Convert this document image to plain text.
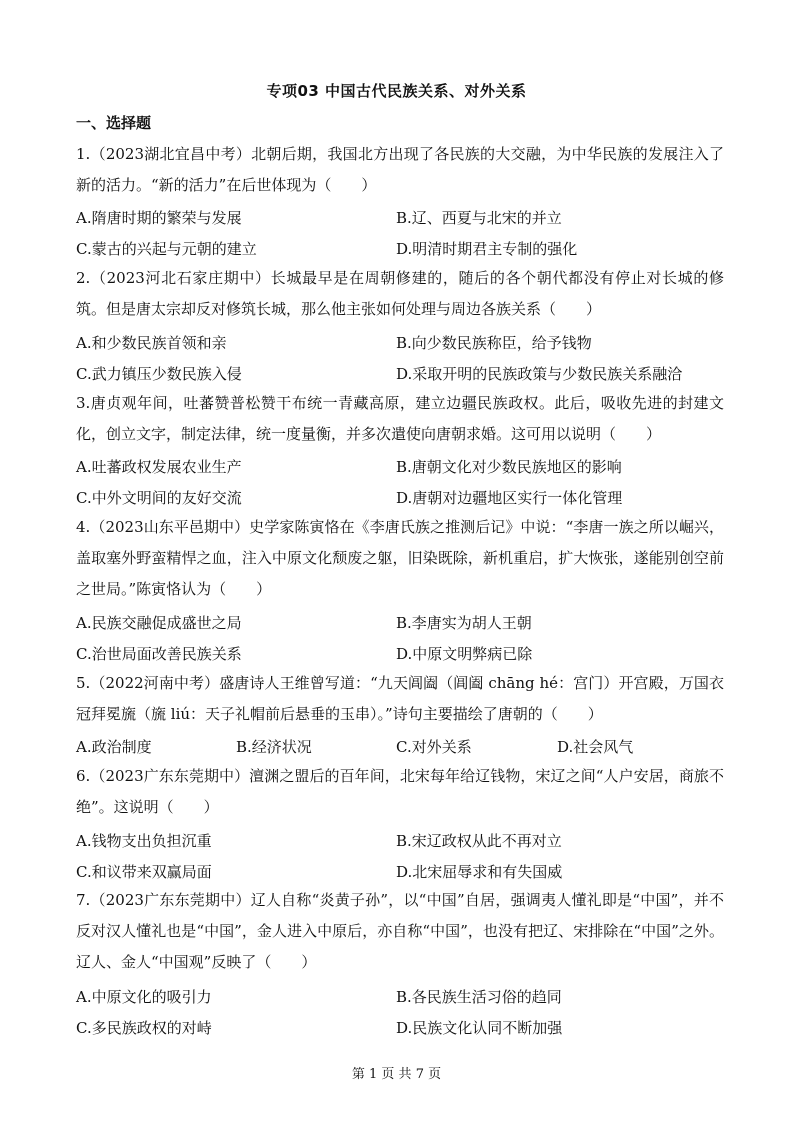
专项03 中国古代民族关系、对外关系
一、选择题
1.（2023湖北宜昌中考）北朝后期，我国北方出现了各民族的大交融，为中华民族的发展注入了新的活力。“新的活力”在后世体现为（　　）
A.隋唐时期的繁荣与发展	B.辽、西夏与北宋的并立
C.蒙古的兴起与元朝的建立	D.明清时期君主专制的强化
2.（2023河北石家庄期中）长城最早是在周朝修建的，随后的各个朝代都没有停止对长城的修筑。但是唐太宗却反对修筑长城，那么他主张如何处理与周边各族关系（　　）
A.和少数民族首领和亲	B.向少数民族称臣，给予钱物
C.武力镇压少数民族入侵	D.采取开明的民族政策与少数民族关系融洽
3.唐贞观年间，吐蕃赞普松赞干布统一青藏高原，建立边疆民族政权。此后，吸收先进的封建文化，创立文字，制定法律，统一度量衡，并多次遣使向唐朝求婚。这可用以说明（　　）
A.吐蕃政权发展农业生产	B.唐朝文化对少数民族地区的影响
C.中外文明间的友好交流	D.唐朝对边疆地区实行一体化管理
4.（2023山东平邑期中）史学家陈寅恪在《李唐氏族之推测后记》中说：“李唐一族之所以崛兴，盖取塞外野蛮精悍之血，注入中原文化颓废之躯，旧染既除，新机重启，扩大恢张，遂能别创空前之世局。”陈寅恪认为（　　）
A.民族交融促成盛世之局	B.李唐实为胡人王朝
C.治世局面改善民族关系	D.中原文明弊病已除
5.（2022河南中考）盛唐诗人王维曾写道：“九天阊阖（阊阖 chāng hé：宫门）开宫殿，万国衣冠拜冕旒（旒 liú：天子礼帽前后悬垂的玉串）。”诗句主要描绘了唐朝的（　　）
A.政治制度	B.经济状况	C.对外关系	D.社会风气
6.（2023广东东莞期中）澶渊之盟后的百年间，北宋每年给辽钱物，宋辽之间“人户安居，商旅不绝”。这说明（　　）
A.钱物支出负担沉重	B.宋辽政权从此不再对立
C.和议带来双赢局面	D.北宋屈辱求和有失国威
7.（2023广东东莞期中）辽人自称“炎黄子孙”，以“中国”自居，强调夷人懂礼即是“中国”，并不反对汉人懂礼也是“中国”，金人进入中原后，亦自称“中国”，也没有把辽、宋排除在“中国”之外。辽人、金人“中国观”反映了（　　）
A.中原文化的吸引力	B.各民族生活习俗的趋同
C.多民族政权的对峙	D.民族文化认同不断加强
第 1 页 共 7 页
